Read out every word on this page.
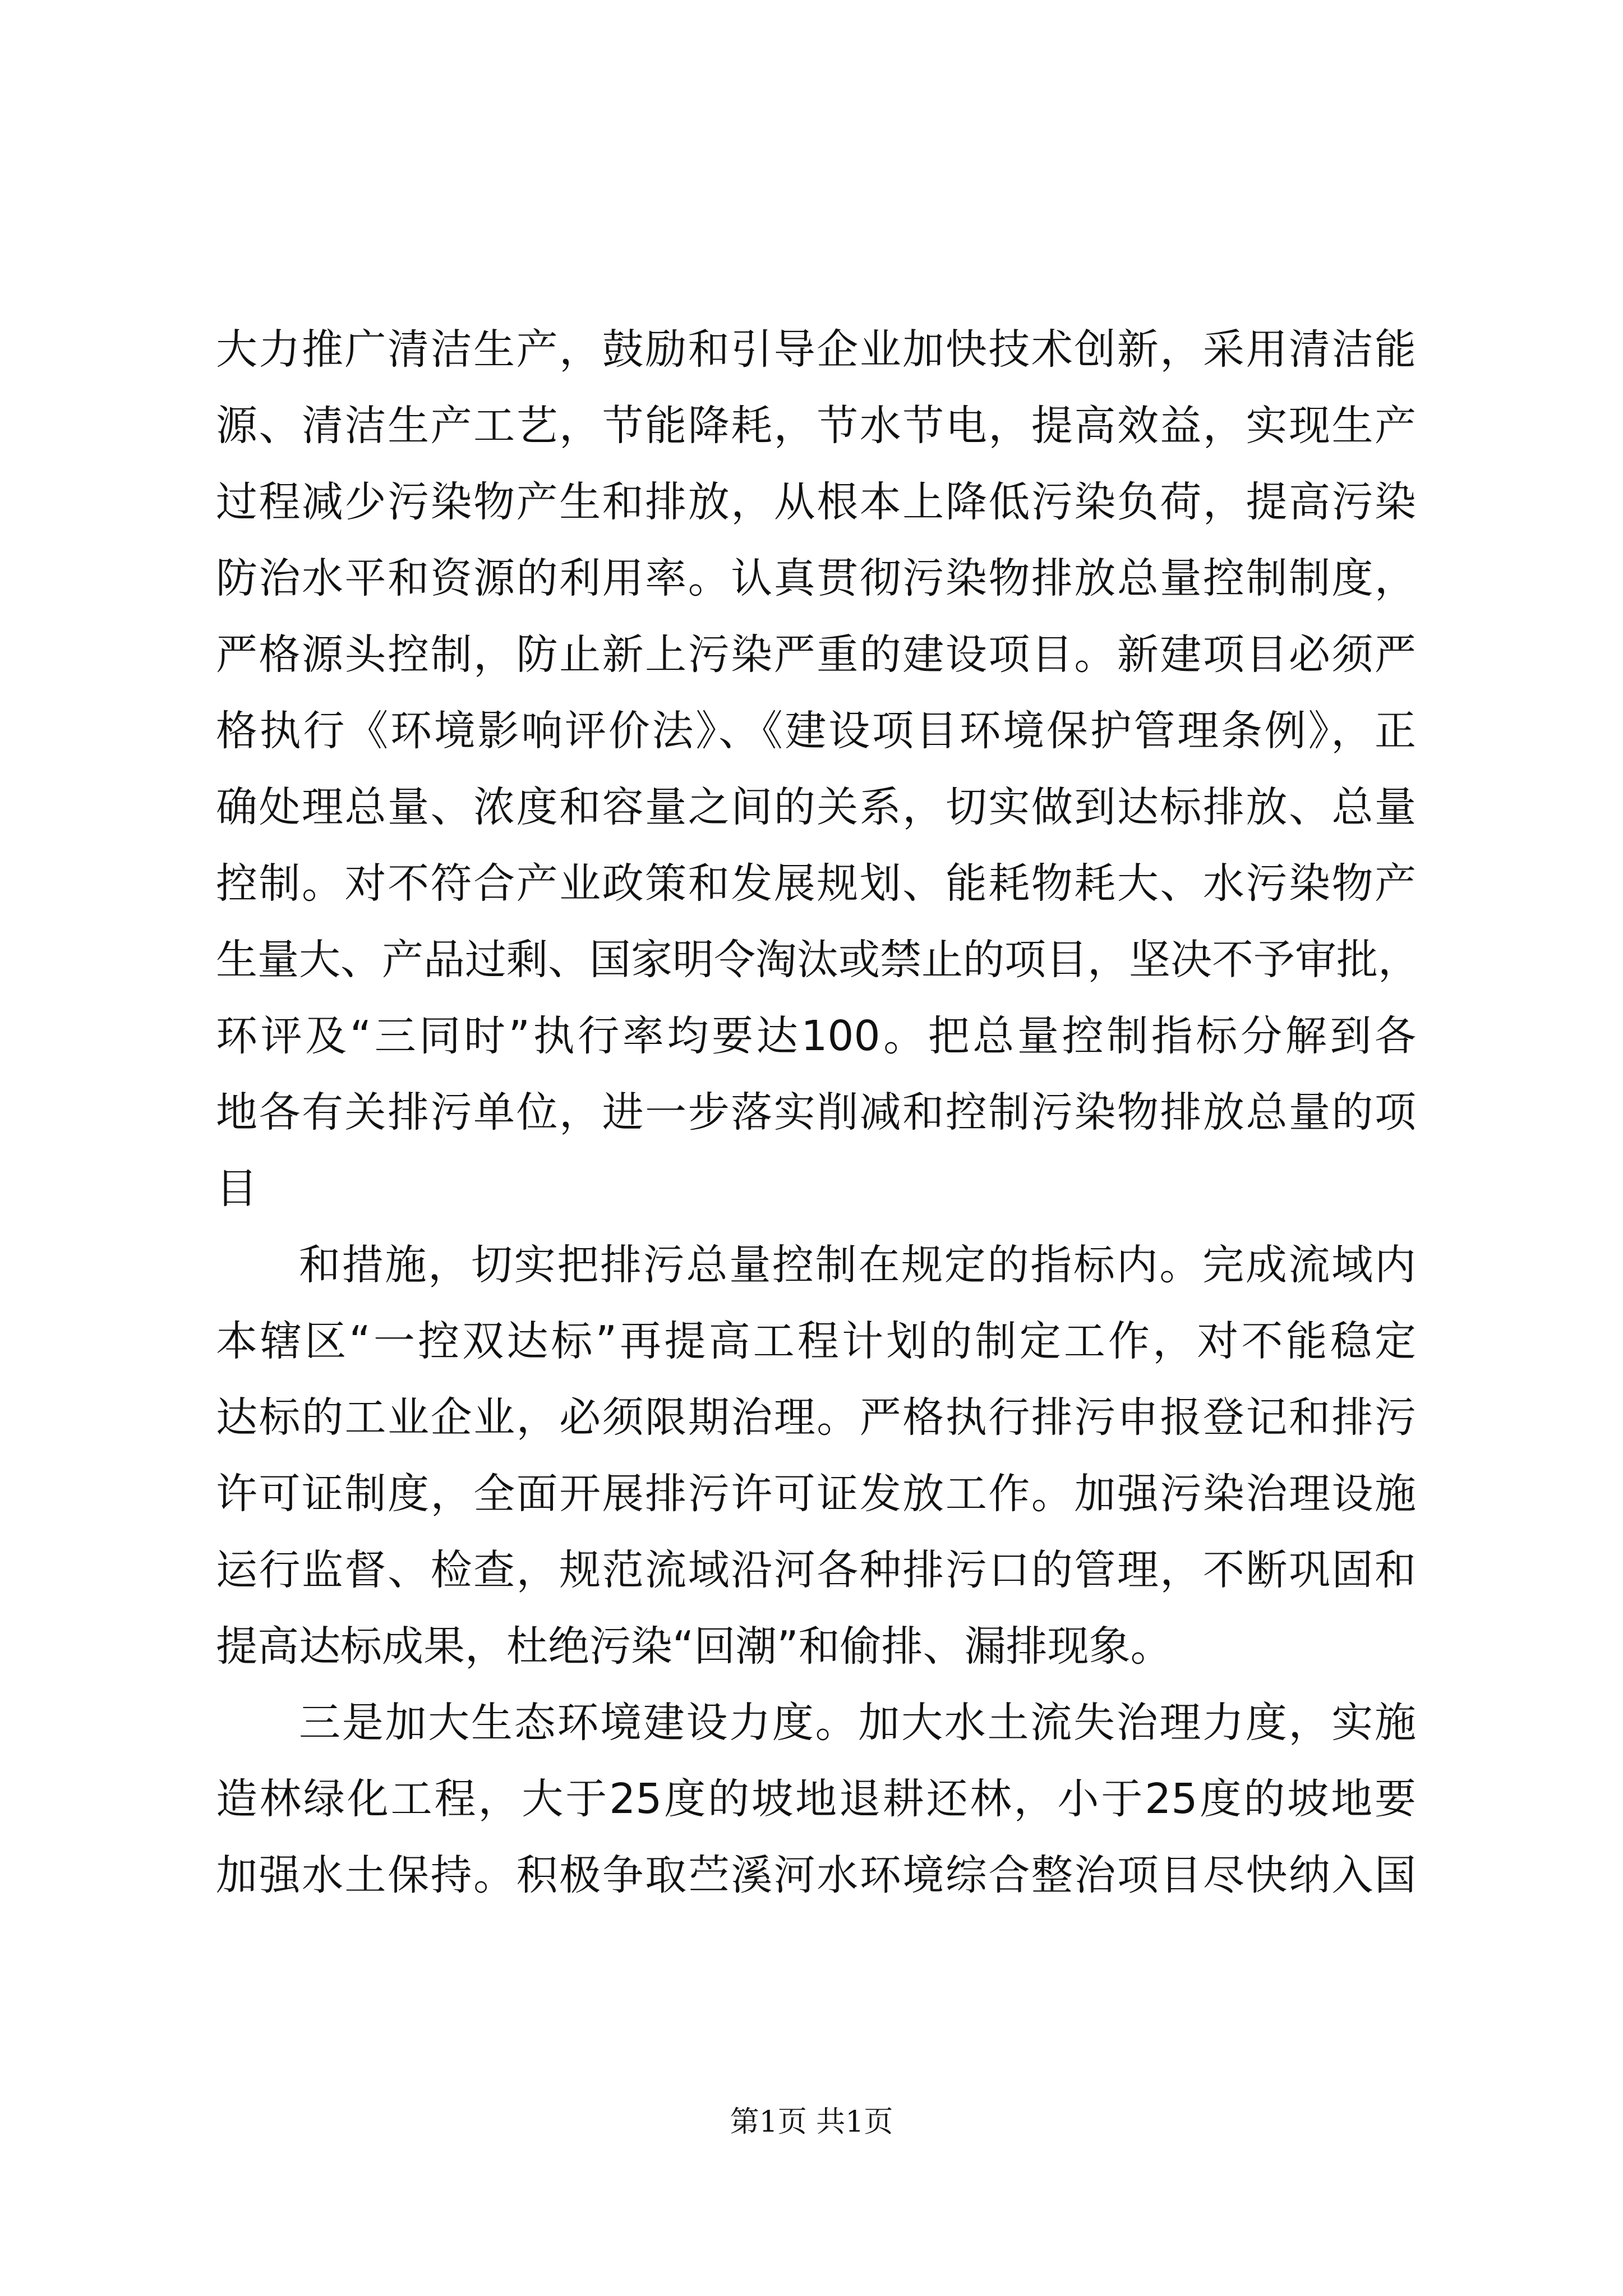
大力推广清洁生产，鼓励和引导企业加快技术创新，采用清洁能
源、清洁生产工艺，节能降耗，节水节电，提高效益，实现生产
过程减少污染物产生和排放，从根本上降低污染负荷，提高污染
防治水平和资源的利用率。认真贯彻污染物排放总量控制制度，
严格源头控制，防止新上污染严重的建设项目。新建项目必须严
格执行《环境影响评价法》、《建设项目环境保护管理条例》，正
确处理总量、浓度和容量之间的关系，切实做到达标排放、总量
控制。对不符合产业政策和发展规划、能耗物耗大、水污染物产
生量大、产品过剩、国家明令淘汰或禁止的项目，坚决不予审批，
环评及“三同时”执行率均要达100。把总量控制指标分解到各
地各有关排污单位，进一步落实削减和控制污染物排放总量的项
目
和措施，切实把排污总量控制在规定的指标内。完成流域内
本辖区“一控双达标”再提高工程计划的制定工作，对不能稳定
达标的工业企业，必须限期治理。严格执行排污申报登记和排污
许可证制度，全面开展排污许可证发放工作。加强污染治理设施
运行监督、检查，规范流域沿河各种排污口的管理，不断巩固和
提高达标成果，杜绝污染“回潮”和偷排、漏排现象。
三是加大生态环境建设力度。加大水土流失治理力度，实施
造林绿化工程，大于25度的坡地退耕还林，小于25度的坡地要
加强水土保持。积极争取苎溪河水环境综合整治项目尽快纳入国
第1页 共1页
